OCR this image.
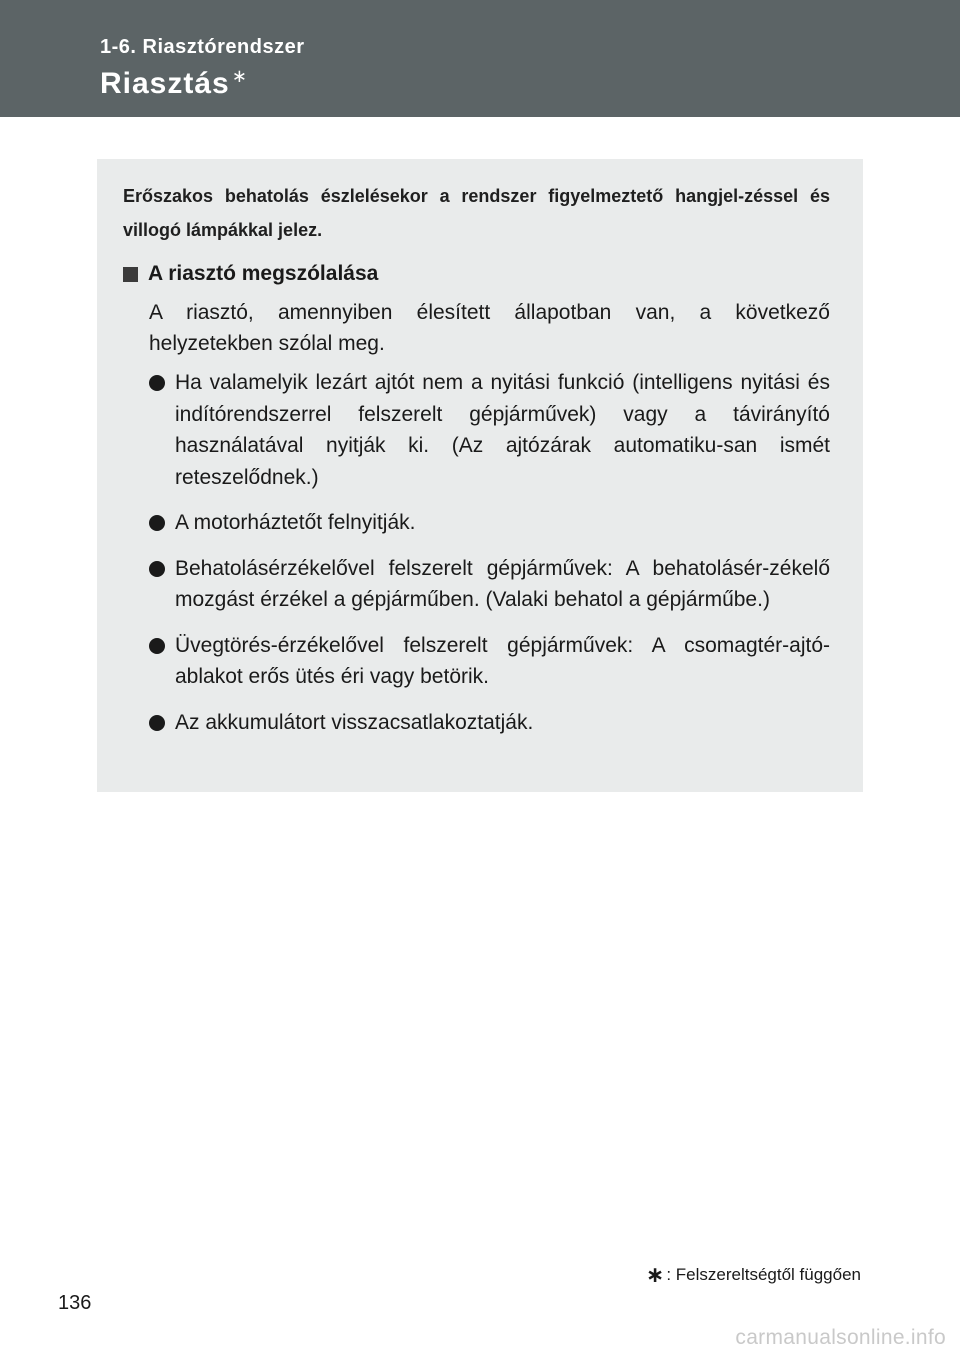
1-6. Riasztórendszer
Riasztás ∗

Erőszakos behatolás észlelésekor a rendszer figyelmeztető hangjel-zéssel és villogó lámpákkal jelez.

A riasztó megszólalása

A riasztó, amennyiben élesített állapotban van, a következő helyzetekben szólal meg.

Ha valamelyik lezárt ajtót nem a nyitási funkció (intelligens nyitási és indítórendszerrel felszerelt gépjárművek) vagy a távirányító használatával nyitják ki. (Az ajtózárak automatiku-san ismét reteszelődnek.)
A motorháztetőt felnyitják.
Behatolásérzékelővel felszerelt gépjárművek: A behatolásér-zékelő mozgást érzékel a gépjárműben. (Valaki behatol a gépjárműbe.)
Üvegtörés-érzékelővel felszerelt gépjárművek: A csomagtér-ajtó-ablakot erős ütés éri vagy betörik.
Az akkumulátort visszacsatlakoztatják.
∗ : Felszereltségtől függően
136
carmanualsonline.info
